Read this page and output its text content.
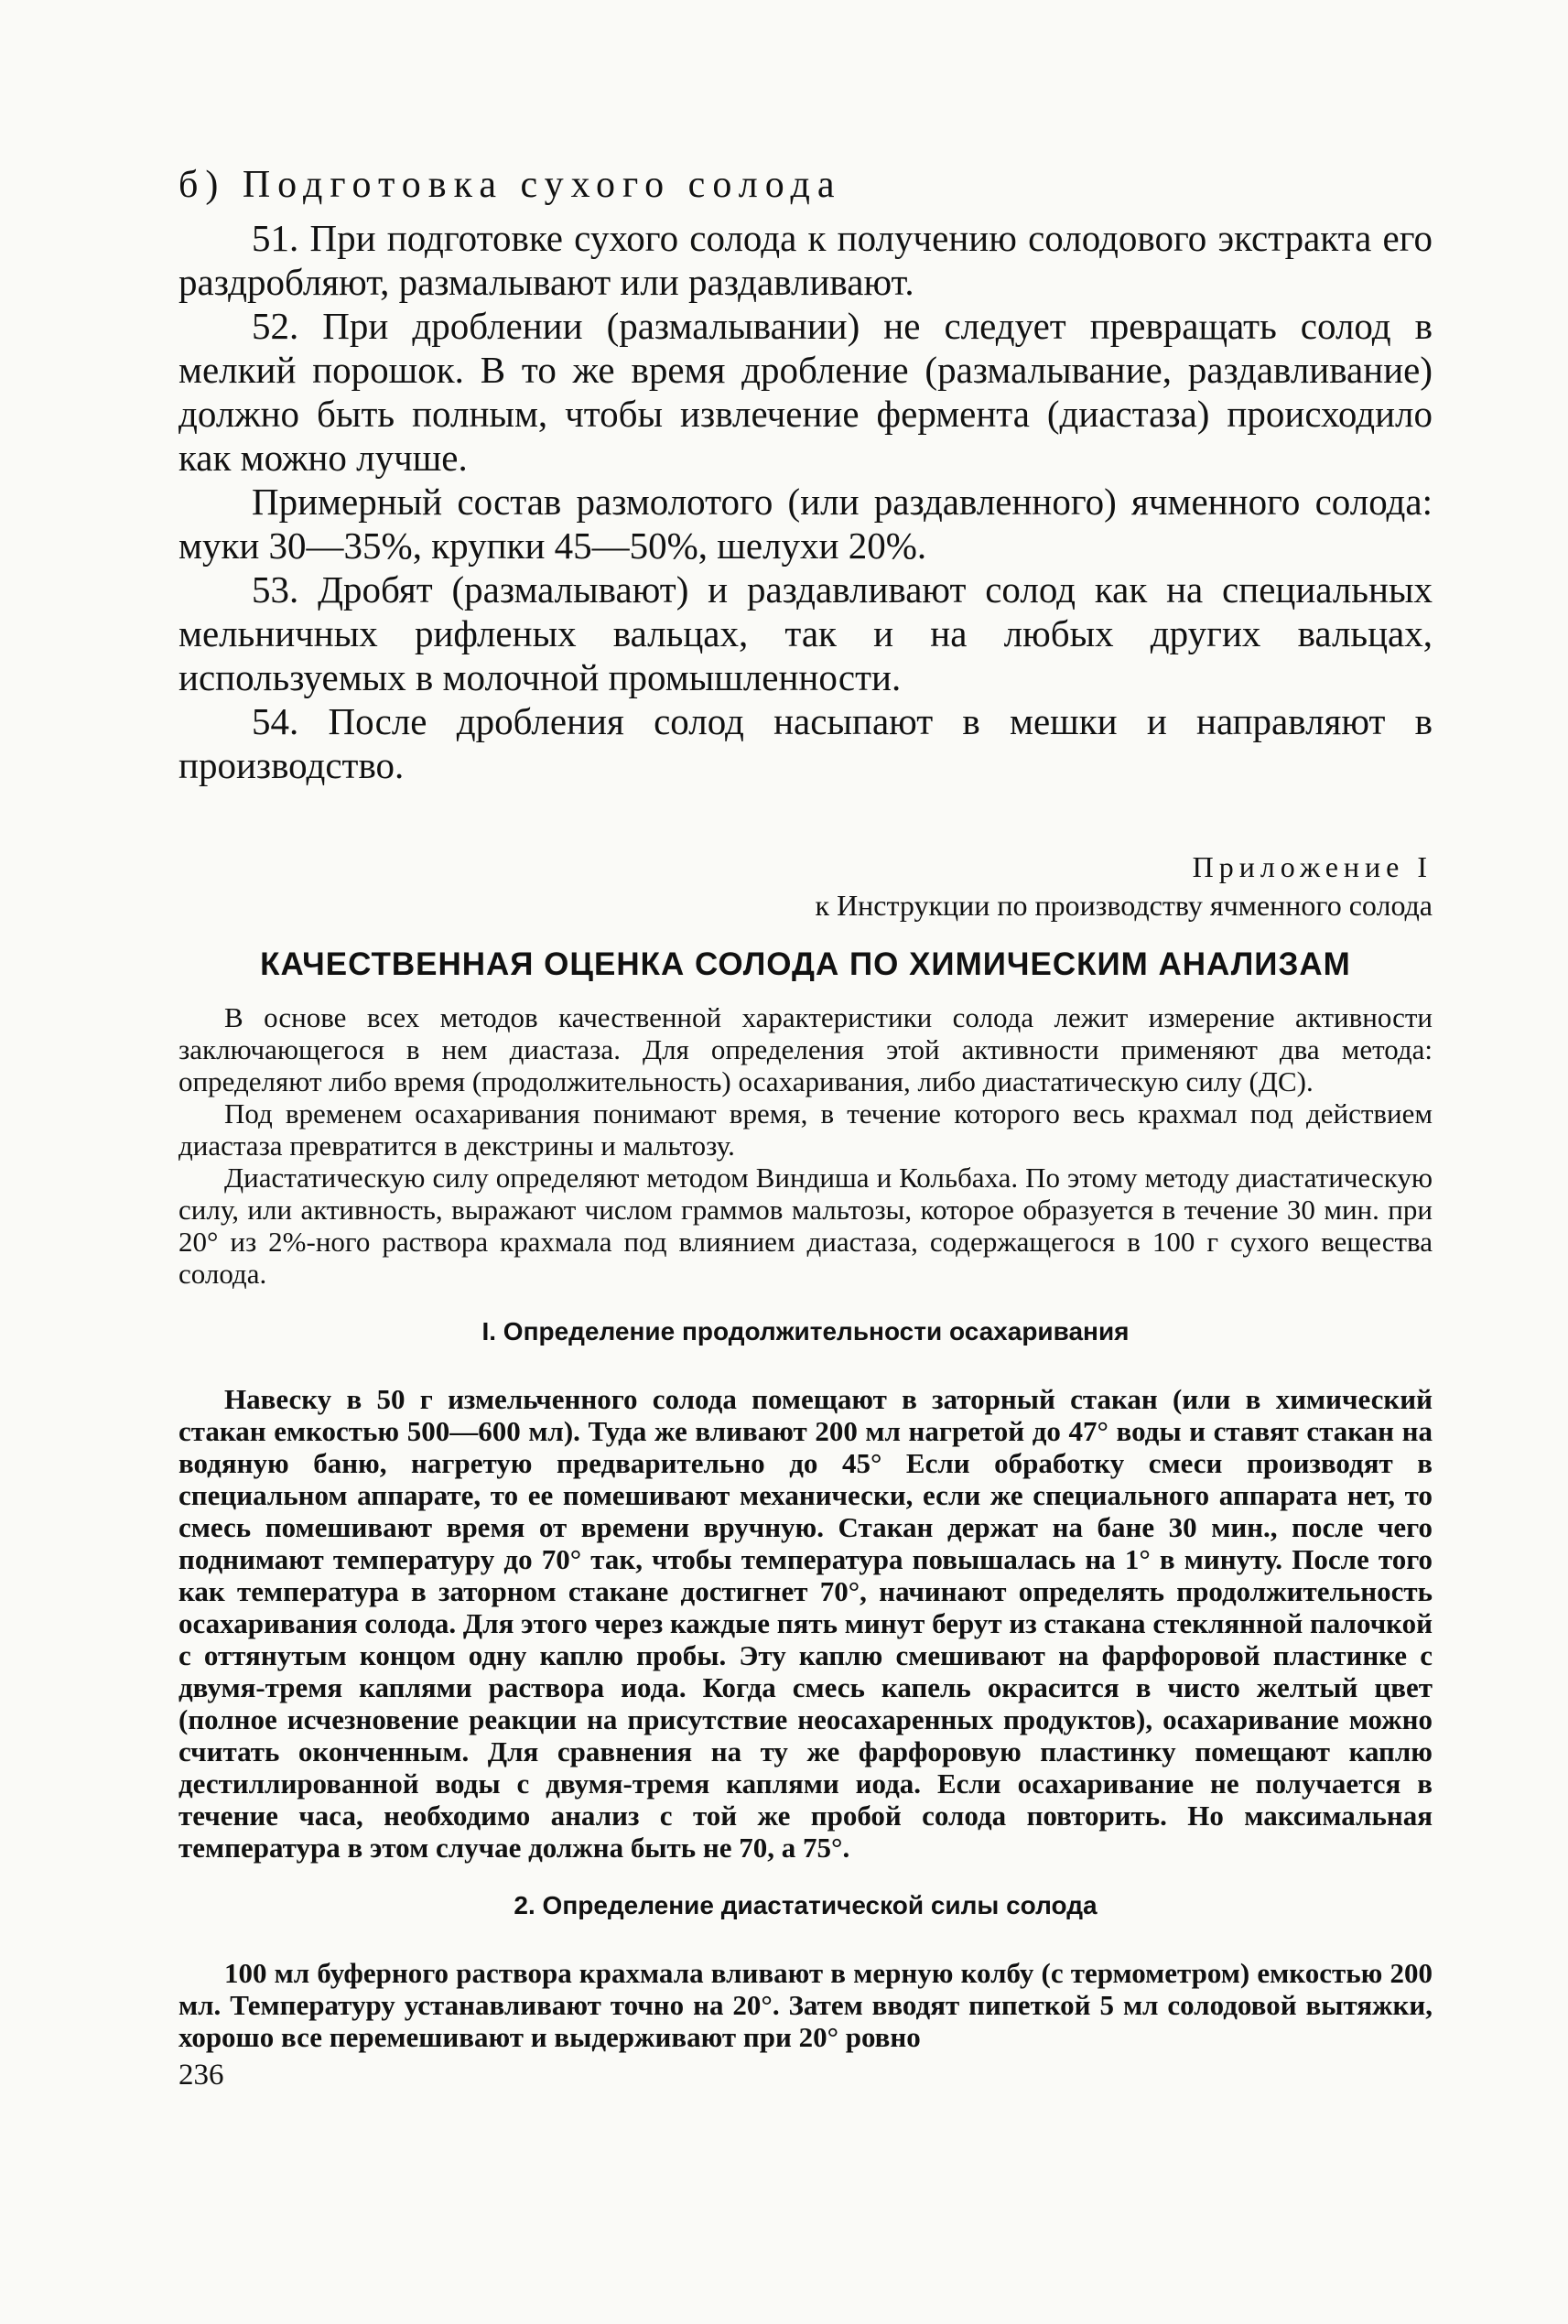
б) Подготовка сухого солода

51. При подготовке сухого солода к получению солодового экстракта его раздробляют, размалывают или раздавливают.

52. При дроблении (размалывании) не следует превращать солод в мелкий порошок. В то же время дробление (размалывание, раздавливание) должно быть полным, чтобы извлечение фермента (диастаза) происходило как можно лучше.

Примерный состав размолотого (или раздавленного) ячменного солода: муки 30—35%, крупки 45—50%, шелухи 20%.

53. Дробят (размалывают) и раздавливают солод как на специальных мельничных рифленых вальцах, так и на любых других вальцах, используемых в молочной промышленности.

54. После дробления солод насыпают в мешки и направляют в производство.

Приложение I
к Инструкции по производству ячменного солода
КАЧЕСТВЕННАЯ ОЦЕНКА СОЛОДА ПО ХИМИЧЕСКИМ АНАЛИЗАМ

В основе всех методов качественной характеристики солода лежит измерение активности заключающегося в нем диастаза. Для определения этой активности применяют два метода: определяют либо время (продолжительность) осахаривания, либо диастатическую силу (ДС).

Под временем осахаривания понимают время, в течение которого весь крахмал под действием диастаза превратится в декстрины и мальтозу.

Диастатическую силу определяют методом Виндиша и Кольбаха. По этому методу диастатическую силу, или активность, выражают числом граммов мальтозы, которое образуется в течение 30 мин. при 20° из 2%-ного раствора крахмала под влиянием диастаза, содержащегося в 100 г сухого вещества солода.

I. Определение продолжительности осахаривания

Навеску в 50 г измельченного солода помещают в заторный стакан (или в химический стакан емкостью 500—600 мл). Туда же вливают 200 мл нагретой до 47° воды и ставят стакан на водяную баню, нагретую предварительно до 45° Если обработку смеси производят в специальном аппарате, то ее помешивают механически, если же специального аппарата нет, то смесь помешивают время от времени вручную. Стакан держат на бане 30 мин., после чего поднимают температуру до 70° так, чтобы температура повышалась на 1° в минуту. После того как температура в заторном стакане достигнет 70°, начинают определять продолжительность осахаривания солода. Для этого через каждые пять минут берут из стакана стеклянной палочкой с оттянутым концом одну каплю пробы. Эту каплю смешивают на фарфоровой пластинке с двумя-тремя каплями раствора иода. Когда смесь капель окрасится в чисто желтый цвет (полное исчезновение реакции на присутствие неосахаренных продуктов), осахаривание можно считать оконченным. Для сравнения на ту же фарфоровую пластинку помещают каплю дестиллированной воды с двумя-тремя каплями иода. Если осахаривание не получается в течение часа, необходимо анализ с той же пробой солода повторить. Но максимальная температура в этом случае должна быть не 70, а 75°.

2. Определение диастатической силы солода

100 мл буферного раствора крахмала вливают в мерную колбу (с термометром) емкостью 200 мл. Температуру устанавливают точно на 20°. Затем вводят пипеткой 5 мл солодовой вытяжки, хорошо все перемешивают и выдерживают при 20° ровно

236
